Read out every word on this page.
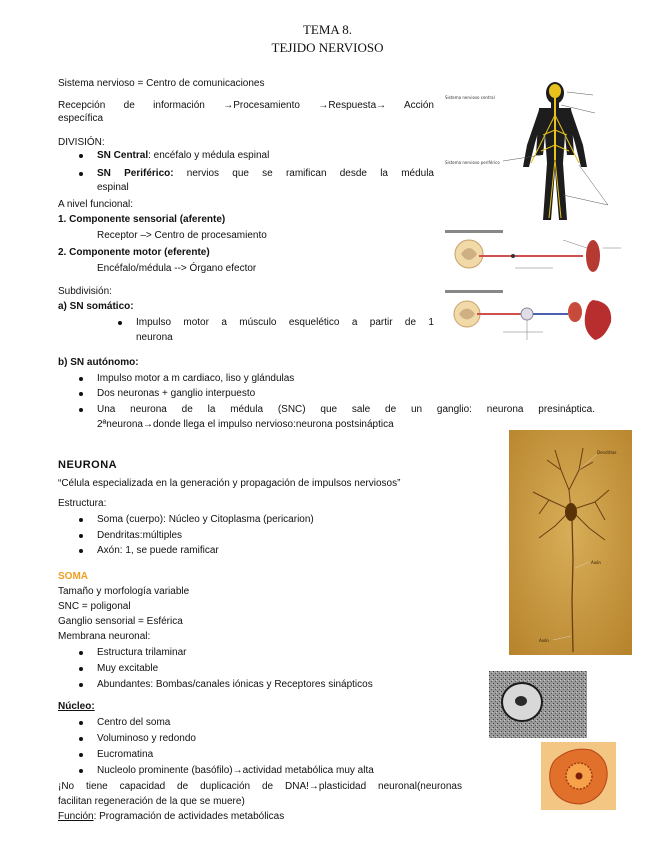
TEMA 8.
TEJIDO NERVIOSO
Sistema nervioso = Centro de comunicaciones
Recepción de información →Procesamiento →Respuesta→ Acción
específica
DIVISIÓN:
SN Central: encéfalo y médula espinal
SN Periférico: nervios que se ramifican desde la médula
espinal
A nivel funcional:
1. Componente sensorial (aferente)
Receptor –> Centro de procesamiento
2. Componente motor (eferente)
Encéfalo/médula --> Órgano efector
Subdivisión:
a) SN somático:
Impulso motor a músculo esquelético a partir de 1
neurona
b) SN autónomo:
Impulso motor a m cardiaco, liso y glándulas
Dos neuronas + ganglio interpuesto
Una neurona de la médula (SNC) que sale de un ganglio: neurona presináptica.
2ªneurona→donde llega el impulso nervioso:neurona postsináptica
NEURONA
“Célula especializada en la generación y propagación de impulsos nerviosos”
Estructura:
Soma (cuerpo): Núcleo y Citoplasma (pericarion)
Dendritas:múltiples
Axón: 1, se puede ramificar
SOMA
Tamaño y morfología variable
SNC = poligonal
Ganglio sensorial = Esférica
Membrana neuronal:
Estructura trilaminar
Muy excitable
Abundantes: Bombas/canales iónicas y Receptores sinápticos
Núcleo:
Centro del soma
Voluminoso y redondo
Eucromatina
Nucleolo prominente (basófilo)→actividad metabólica muy alta
¡No tiene capacidad de duplicación de DNA!→plasticidad neuronal(neuronas
facilitan regeneración de la que se muere)
Función: Programación de actividades metabólicas
Sistema nervioso central
Sistema nervioso periférico
Dendritas
Axón
Axón
